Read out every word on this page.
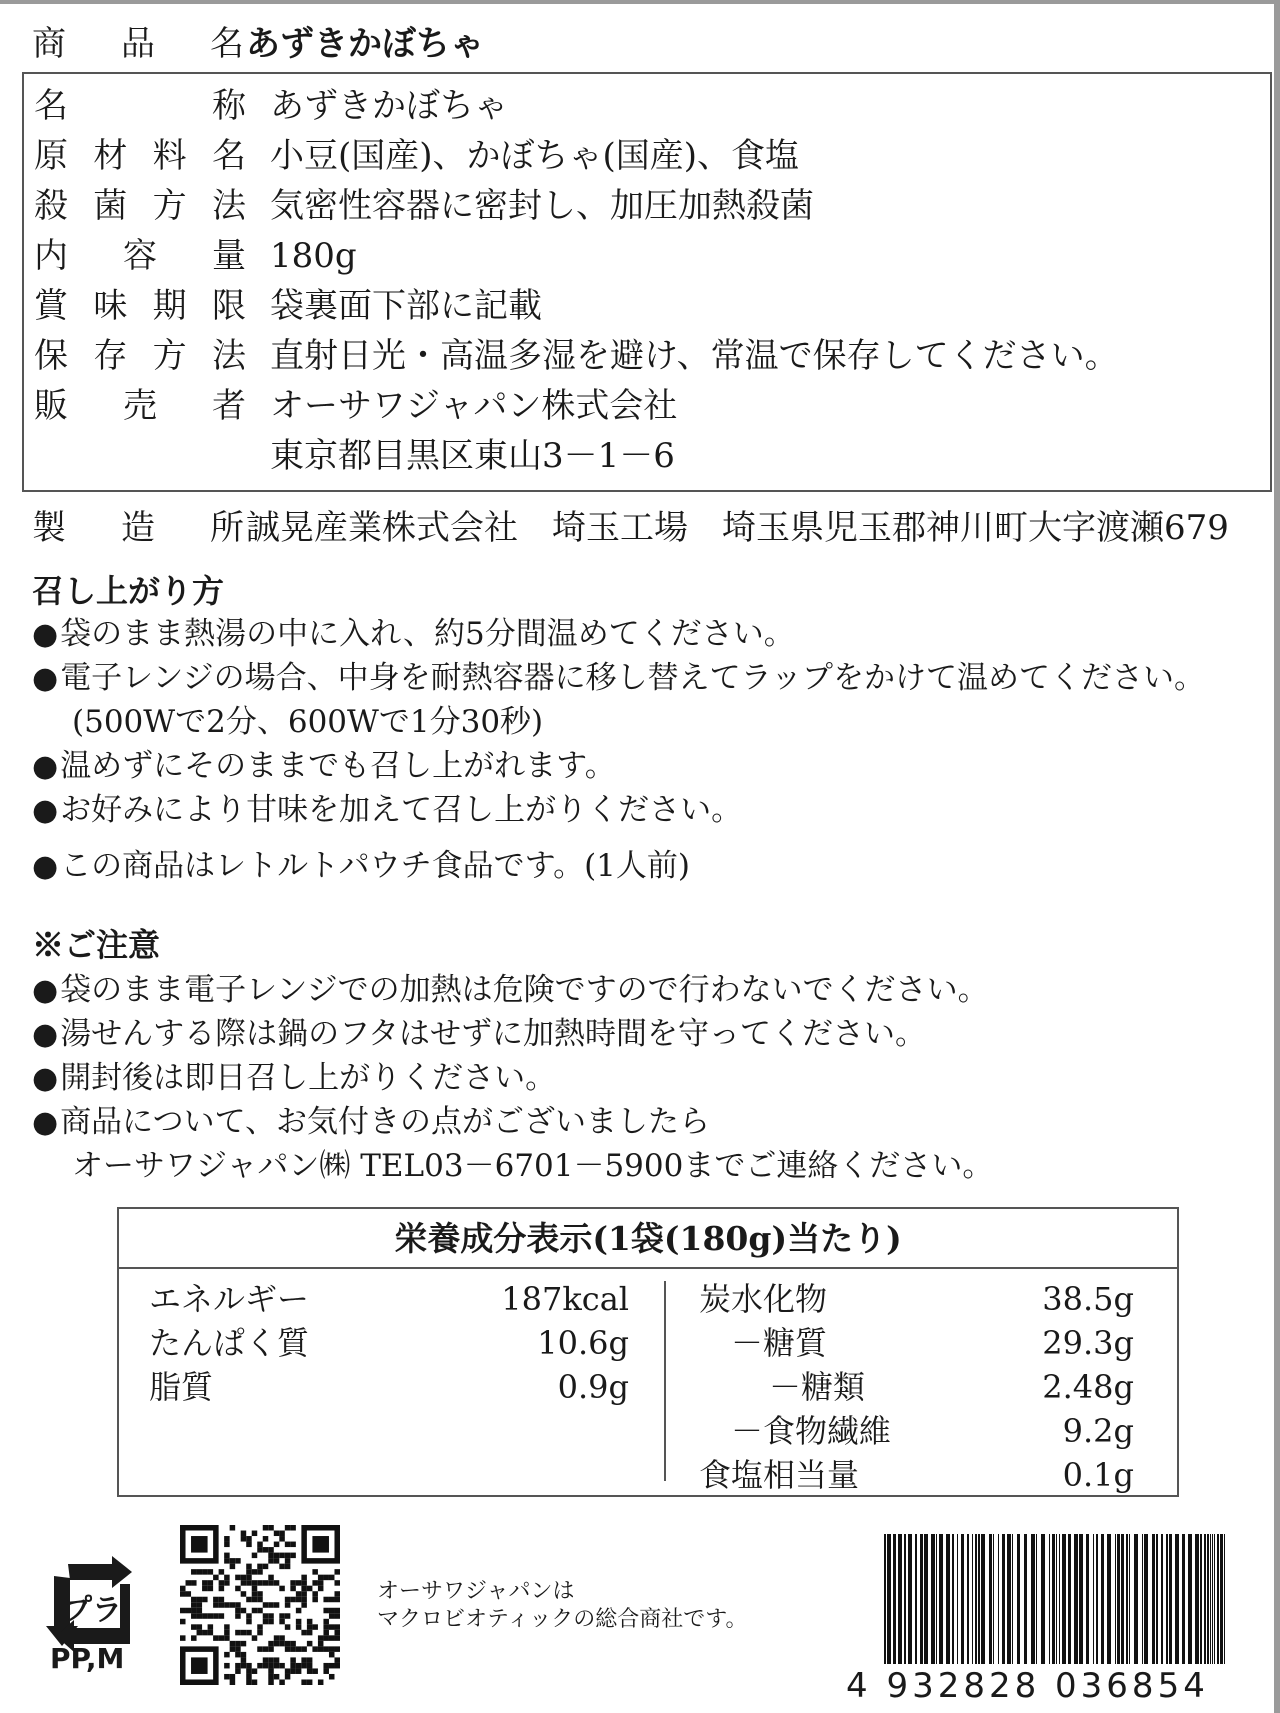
商品名 あずきかぼちゃ
名称 あずきかぼちゃ
原材料名 小豆(国産)、かぼちゃ(国産)、食塩
殺菌方法 気密性容器に密封し、加圧加熱殺菌
内容量 180g
賞味期限 袋裏面下部に記載
保存方法 直射日光・高温多湿を避け、常温で保存してください。
販売者 オーサワジャパン株式会社
東京都目黒区東山3－1－6
製造所 誠晃産業株式会社　埼玉工場　埼玉県児玉郡神川町大字渡瀬679
召し上がり方
●袋のまま熱湯の中に入れ、約5分間温めてください。
●電子レンジの場合、中身を耐熱容器に移し替えてラップをかけて温めてください。
(500Wで2分、600Wで1分30秒)
●温めずにそのままでも召し上がれます。
●お好みにより甘味を加えて召し上がりください。
●この商品はレトルトパウチ食品です。(1人前)
※ご注意
●袋のまま電子レンジでの加熱は危険ですので行わないでください。
●湯せんする際は鍋のフタはせずに加熱時間を守ってください。
●開封後は即日召し上がりください。
●商品について、お気付きの点がございましたら
オーサワジャパン㈱ TEL03－6701－5900までご連絡ください。
栄養成分表示(1袋(180g)当たり)
エネルギー	187kcal
たんぱく質	10.6g
脂質	0.9g
炭水化物	38.5g
－糖質	29.3g
－糖類	2.48g
－食物繊維	9.2g
食塩相当量	0.1g
プラ
PP,M
オーサワジャパンは
マクロビオティックの総合商社です。
4 932828 036854
